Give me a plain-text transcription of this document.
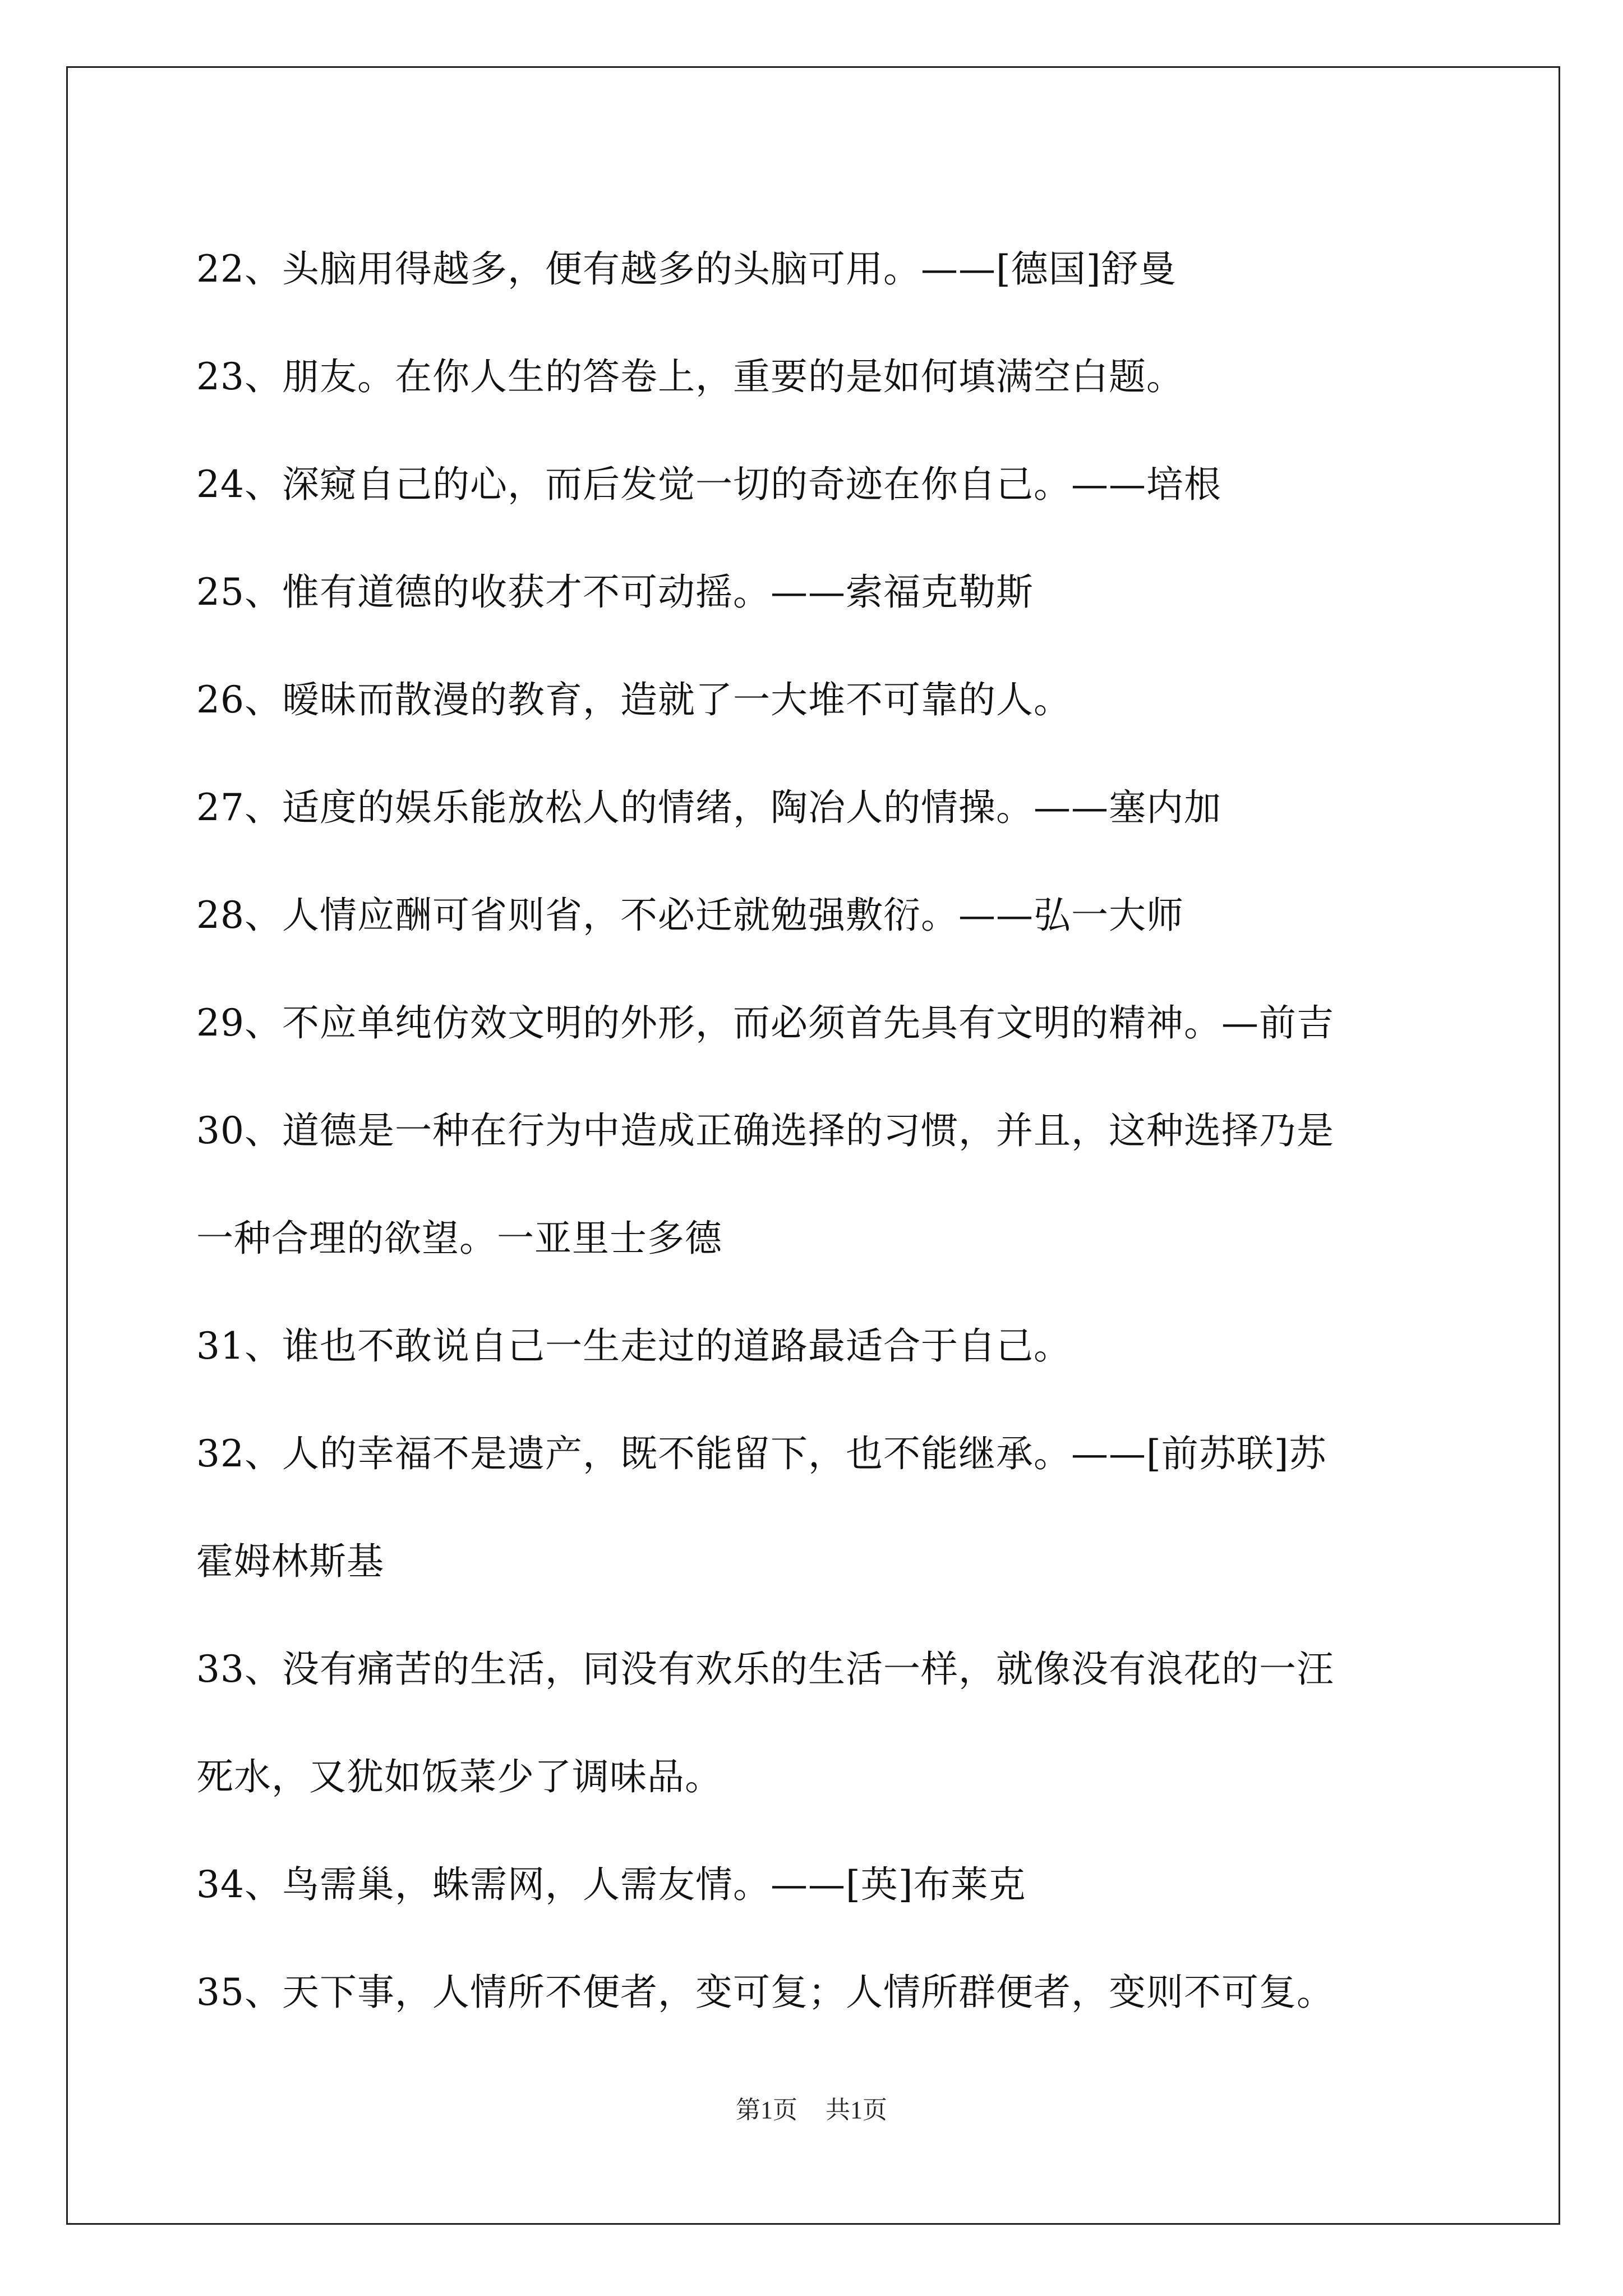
22、头脑用得越多，便有越多的头脑可用。——[德国]舒曼
23、朋友。在你人生的答卷上，重要的是如何填满空白题。
24、深窥自己的心，而后发觉一切的奇迹在你自己。——培根
25、惟有道德的收获才不可动摇。——索福克勒斯
26、暧昧而散漫的教育，造就了一大堆不可靠的人。
27、适度的娱乐能放松人的情绪，陶冶人的情操。——塞内加
28、人情应酬可省则省，不必迁就勉强敷衍。——弘一大师
29、不应单纯仿效文明的外形，而必须首先具有文明的精神。—前吉
30、道德是一种在行为中造成正确选择的习惯，并且，这种选择乃是
一种合理的欲望。一亚里士多德
31、谁也不敢说自己一生走过的道路最适合于自己。
32、人的幸福不是遗产，既不能留下，也不能继承。——[前苏联]苏
霍姆林斯基
33、没有痛苦的生活，同没有欢乐的生活一样，就像没有浪花的一汪
死水，又犹如饭菜少了调味品。
34、鸟需巢，蛛需网，人需友情。——[英]布莱克
35、天下事，人情所不便者，变可复；人情所群便者，变则不可复。
第1页 共1页
